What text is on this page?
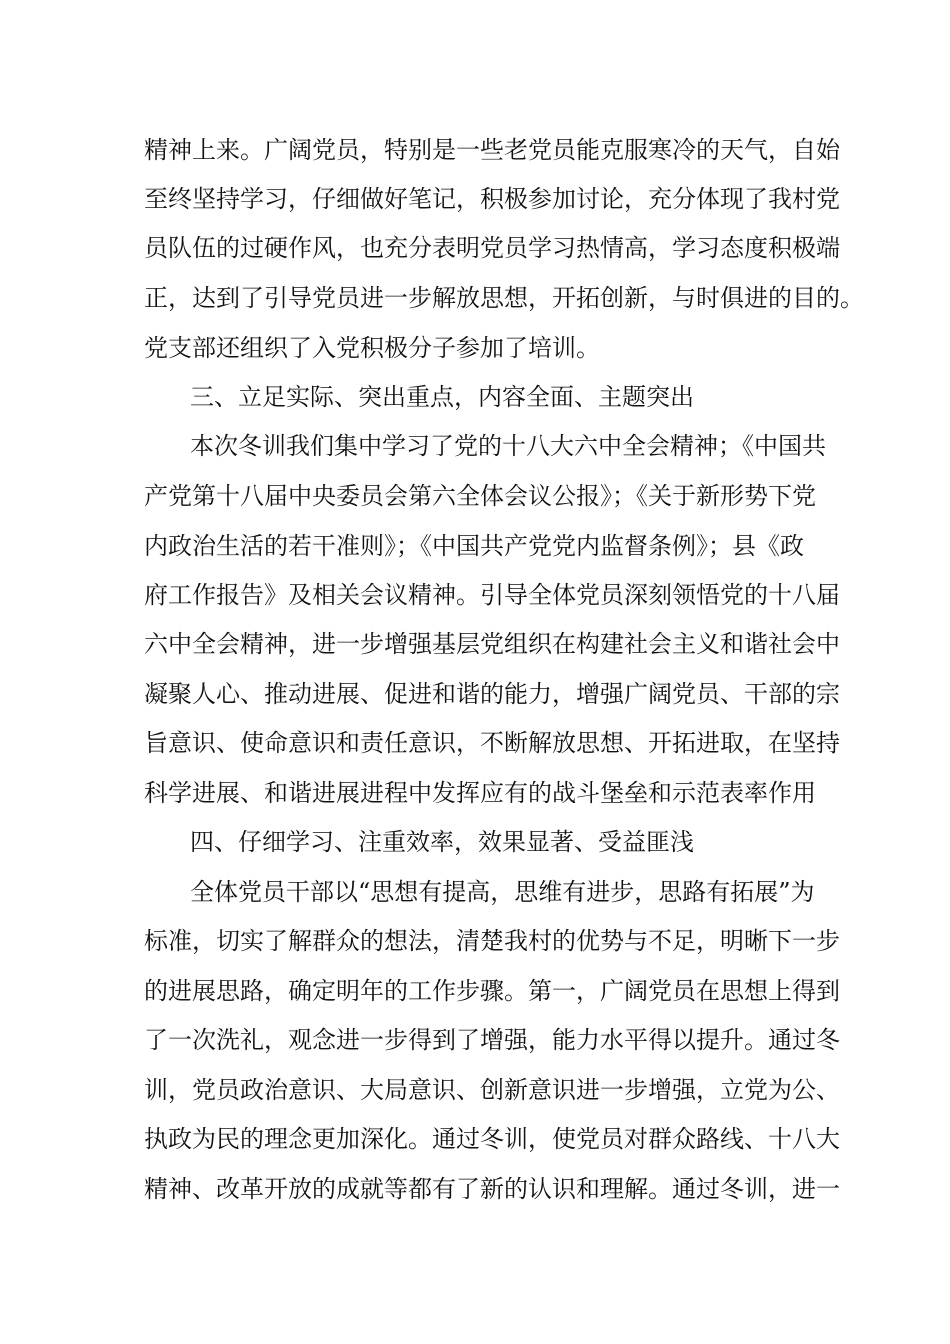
精神上来。广阔党员，特别是一些老党员能克服寒冷的天气，自始
至终坚持学习，仔细做好笔记，积极参加讨论，充分体现了我村党
员队伍的过硬作风，也充分表明党员学习热情高，学习态度积极端
正，达到了引导党员进一步解放思想，开拓创新，与时俱进的目的。
党支部还组织了入党积极分子参加了培训。
三、立足实际、突出重点，内容全面、主题突出
本次冬训我们集中学习了党的十八大六中全会精神；《中国共
产党第十八届中央委员会第六全体会议公报》；《关于新形势下党
内政治生活的若干准则》；《中国共产党党内监督条例》；县《政
府工作报告》及相关会议精神。引导全体党员深刻领悟党的十八届
六中全会精神，进一步增强基层党组织在构建社会主义和谐社会中
凝聚人心、推动进展、促进和谐的能力，增强广阔党员、干部的宗
旨意识、使命意识和责任意识，不断解放思想、开拓进取，在坚持
科学进展、和谐进展进程中发挥应有的战斗堡垒和示范表率作用
四、仔细学习、注重效率，效果显著、受益匪浅
全体党员干部以“思想有提高，思维有进步，思路有拓展”为
标准，切实了解群众的想法，清楚我村的优势与不足，明晰下一步
的进展思路，确定明年的工作步骤。第一，广阔党员在思想上得到
了一次洗礼，观念进一步得到了增强，能力水平得以提升。通过冬
训，党员政治意识、大局意识、创新意识进一步增强，立党为公、
执政为民的理念更加深化。通过冬训，使党员对群众路线、十八大
精神、改革开放的成就等都有了新的认识和理解。通过冬训，进一
